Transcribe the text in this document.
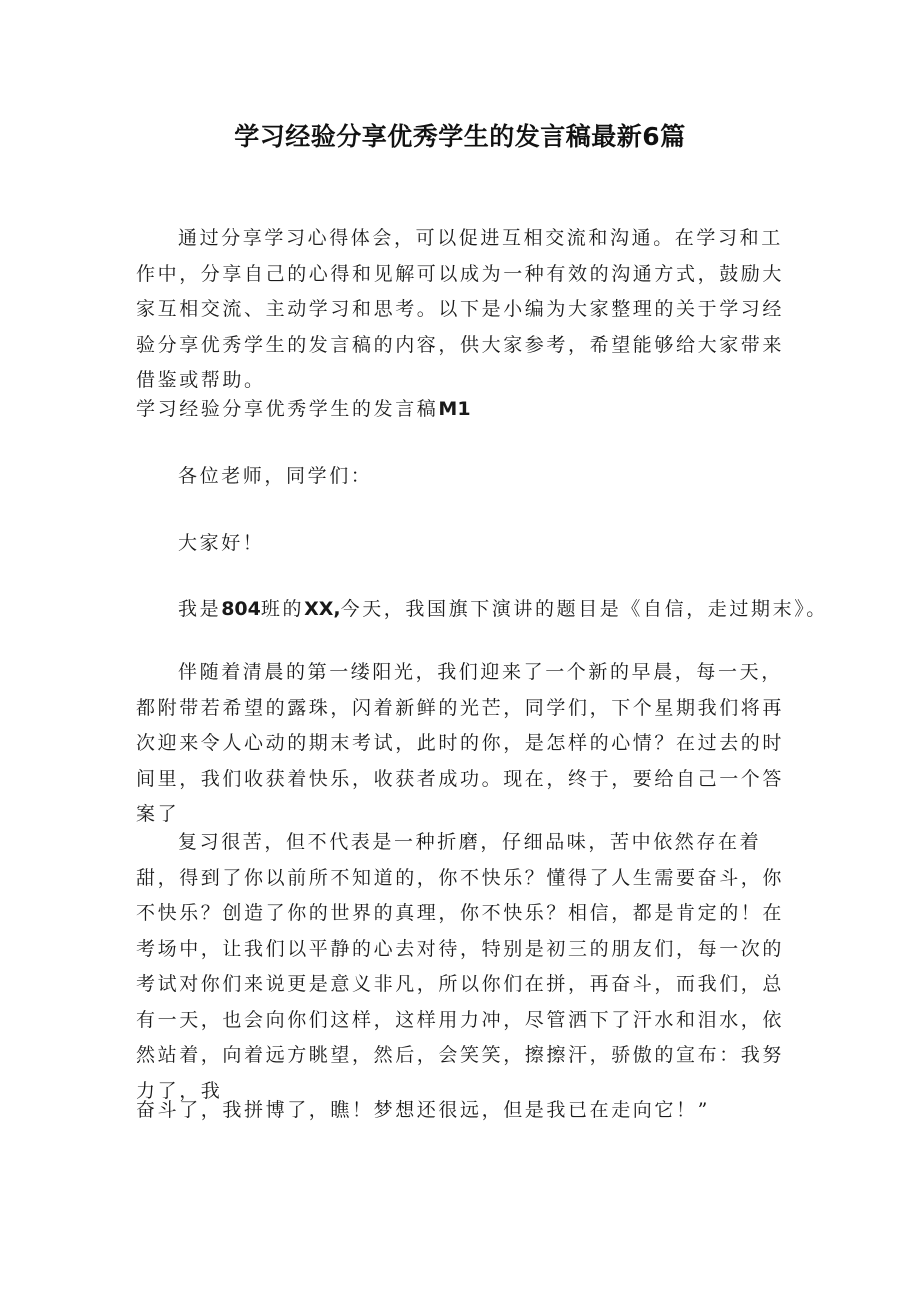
学习经验分享优秀学生的发言稿最新6篇

通过分享学习心得体会，可以促进互相交流和沟通。在学习和工作中，分享自己的心得和见解可以成为一种有效的沟通方式，鼓励大家互相交流、主动学习和思考。以下是小编为大家整理的关于学习经验分享优秀学生的发言稿的内容，供大家参考，希望能够给大家带来借鉴或帮助。

学习经验分享优秀学生的发言稿M1

各位老师，同学们：

大家好！

我是804班的XX,今天，我国旗下演讲的题目是《自信，走过期末》。

伴随着清晨的第一缕阳光，我们迎来了一个新的早晨，每一天，都附带若希望的露珠，闪着新鲜的光芒，同学们，下个星期我们将再次迎来令人心动的期末考试，此时的你，是怎样的心情？在过去的时间里，我们收获着快乐，收获者成功。现在，终于，要给自己一个答案了

复习很苦，但不代表是一种折磨，仔细品味，苦中依然存在着甜，得到了你以前所不知道的，你不快乐？懂得了人生需要奋斗，你不快乐？创造了你的世界的真理，你不快乐？相信，都是肯定的！在考场中，让我们以平静的心去对待，特别是初三的朋友们，每一次的考试对你们来说更是意义非凡，所以你们在拼，再奋斗，而我们，总有一天，也会向你们这样，这样用力冲，尽管洒下了汗水和泪水，依然站着，向着远方眺望，然后，会笑笑，擦擦汗，骄傲的宣布：我努力了，我

奋斗了，我拼博了，瞧！梦想还很远，但是我已在走向它！”
